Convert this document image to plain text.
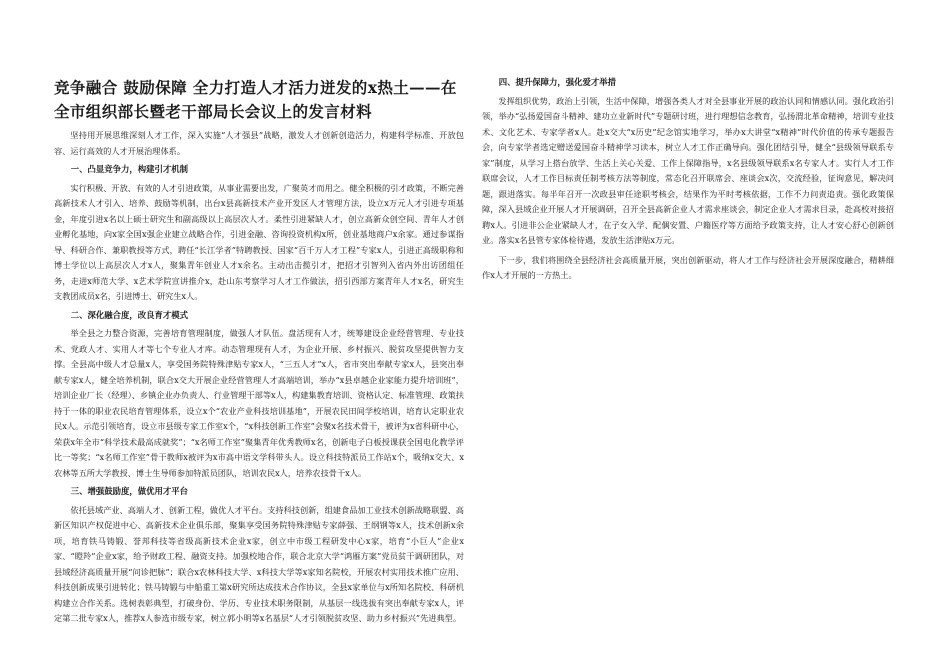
竞争融合 鼓励保障 全力打造人才活力迸发的x热土——在全市组织部长暨老干部局长会议上的发言材料

坚持用开展思维深刻人才工作，深入实施“人才强县”战略，激发人才创新创造活力，构建科学标准、开放包容、运行高效的人才开展治理体系。

一、凸显竞争力，构建引才机制

实行积极、开放、有效的人才引进政策，从事业需要出发，广聚英才而用之。健全积极的引才政策，不断完善高新技术人才引入、培养、鼓励等机制，出台x县高新技术产业开发区人才管理方法，设立x万元人才引进专项基金，年度引进x名以上硕士研究生和副高级以上高层次人才。柔性引进紧缺人才，创立高新众创空间、青年人才创业孵化基地，向x家全国x强企业建立战略合作，引进金融、咨询投资机构x所，创业基地商户x余家。通过参谋指导、科研合作、兼职教授等方式，聘任“长江学者”特聘教授、国家“百千万人才工程”专家x人，引进正高级职称和博士学位以上高层次人才x人，聚集青年创业人才x余名。主动出击揽引才，把招才引智列入省内外出访团组任务，走进x师范大学、x艺术学院宣讲推介x，赴山东考察学习人才工作做法，招引西部方案青年人才x名，研究生支教团成员x名，引进博士、研究生x人。

二、深化融合度，改良育才模式

举全县之力整合资源，完善培育管理制度，做强人才队伍。盘活现有人才，统筹建设企业经营管理、专业技术、党政人才、实用人才等七个专业人才库。动态管理现有人才，为企业开展、乡村振兴、脱贫攻坚提供智力支撑。全县高中级人才总量x人，享受国务院特殊津贴专家x人，“三五人才”x人，省市突出奉献专家x人，县突出奉献专家x人，健全培养机制，联合x交大开展企业经营管理人才高端培训，举办“x县卓越企业家能力提升培训班”，培训企业厂长（经理）、乡镇企业办负责人、行业管理干部等x人，构建集教育培训、资格认定、标准管理、政策扶持于一体的职业农民培育管理体系，设立x个“农业产业科技培训基地”，开展农民田间学校培训，培育认定职业农民x人。示范引领培育，设立市县级专家工作室x个，“x科技创新工作室”会聚x名技术骨干，被评为x省科研中心，荣获x年全市“科学技术最高成就奖”；“x名师工作室”聚集青年优秀教师x名，创新电子白板授课获全国电化教学评比一等奖；“x名师工作室”骨干教师x被评为x市高中语文学科带头人。设立科技特派员工作站x个，吸纳x交大、x农林等五所大学教授、博士生导师参加特派员团队，培训农民x人，培养农技骨干x人。

三、增强鼓励度，做优用才平台

依托县域产业、高端人才、创新工程，做优人才平台。支持科技创新，组建食品加工业技术创新战略联盟、高新区知识产权促进中心、高新技术企业俱乐部，聚集享受国务院特殊津贴专家薛强、王纲钢等x人，技术创新x余项，培育铁马铸锻、誉邦科技等省级高新技术企业x家，创立中市级工程研发中心x家，培育“小巨人”企业x家、“瞪羚”企业x家，给予财政工程、融资支持。加强校地合作，联合北京大学“鸿雁方案”党员贫干调研团队，对县域经济高质量开展“问诊把脉”；联合x农林科技大学、x科技大学等x家知名院校，开展农村实用技术推广应用、科技创新成果引进转化；铁马铸锻与中船重工第x研究所达成技术合作协议，全县x家单位与x所知名院校、科研机构建立合作关系。选树表彰典型，打破身份、学历、专业技术职务限制，从基层一线选拔有突出奉献专家x人，评定第二批专家x人，推荐x人参选市级专家，树立郭小明等x名基层“人才引领脱贫攻坚、助力乡村振兴”先进典型。

四、提升保障力，强化爱才举措

发挥组织优势，政治上引领，生活中保障，增强各类人才对全县事业开展的政治认同和情感认同。强化政治引领，举办“弘扬爱国奋斗精神、建功立业新时代”专题研讨班，进行理想信念教育，弘扬渭北革命精神，培训专业技术、文化艺术、专家学者x人。赴x交大“x历史”纪念馆实地学习，举办x大讲堂“x精神”时代价值的传承专题报告会，向专家学者选定赠送爱国奋斗精神学习读本，树立人才工作正确导向。强化团结引导，健全“县级领导联系专家”制度，从学习上搭台放学、生活上关心关爱、工作上保障指导，x名县级领导联系x名专家人才。实行人才工作联席会议，人才工作目标责任制考核方法等制度，常态化召开联席会、座谈会x次，交流经验，征询意见，解决问题，跟进落实。每半年召开一次政县审任途职考核会，结果作为平时考核依据，工作不力问责追责。强化政策保障，深入县域企业开展人才开展调研，召开全县高新企业人才需求座谈会，制定企业人才需求目录，赴高校对接招聘x人。引进非公企业紧缺人才，在子女入学、配偶安置、户籍医疗等方面给予政策支持，让人才安心舒心创新创业。落实x名县管专家体检待遇，发放生活津贴x万元。

下一步，我们将围绕全县经济社会高质量开展，突出创新驱动，将人才工作与经济社会开展深度融合，精耕细作x人才开展的一方热土。
